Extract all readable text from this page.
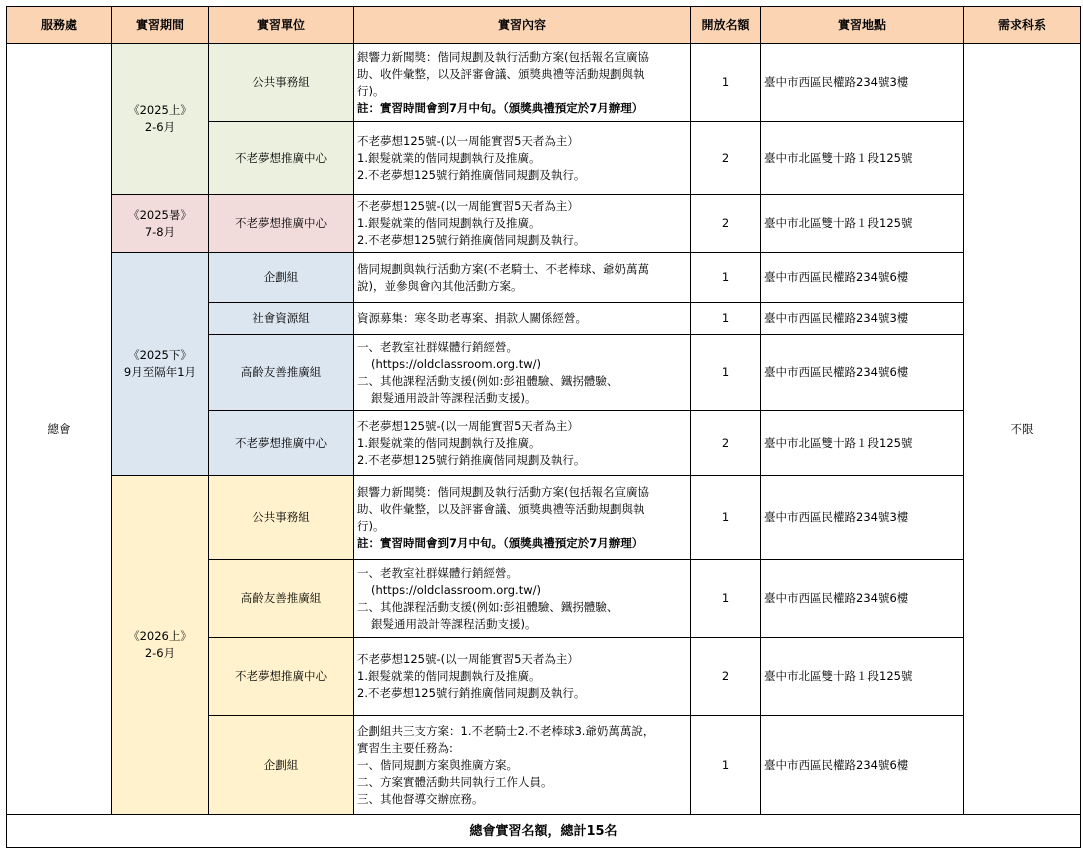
服務處	實習期間	實習單位	實習內容	開放名額	實習地點	需求科系
總會	《2025上》
2-6月	公共事務組	銀響力新聞獎：偕同規劃及執行活動方案(包括報名宣廣協
助、收件彙整，以及評審會議、頒獎典禮等活動規劃與執
行)。
註：實習時間會到7月中旬。（頒獎典禮預定於7月辦理）	1	臺中市西區民權路234號3樓	不限
		不老夢想推廣中心	不老夢想125號-(以一周能實習5天者為主）
1.銀髮就業的偕同規劃執行及推廣。
2.不老夢想125號行銷推廣偕同規劃及執行。	2	臺中市北區雙十路１段125號	

	《2025暑》
7-8月	不老夢想推廣中心	不老夢想125號-(以一周能實習5天者為主）
1.銀髮就業的偕同規劃執行及推廣。
2.不老夢想125號行銷推廣偕同規劃及執行。	2	臺中市北區雙十路１段125號	

	《2025下》
9月至隔年1月	企劃組	偕同規劃與執行活動方案(不老騎士、不老棒球、爺奶萬萬
說)，並參與會內其他活動方案。	1	臺中市西區民權路234號6樓	
		社會資源組	資源募集：寒冬助老專案、捐款人關係經營。	1	臺中市西區民權路234號3樓	
		高齡友善推廣組	一、老教室社群媒體行銷經營。
(https://oldclassroom.org.tw/)
二、其他課程活動支援(例如:彭祖體驗、鐵拐體驗、
銀髮通用設計等課程活動支援)。	1	臺中市西區民權路234號6樓	
		不老夢想推廣中心	不老夢想125號-(以一周能實習5天者為主）
1.銀髮就業的偕同規劃執行及推廣。
2.不老夢想125號行銷推廣偕同規劃及執行。	2	臺中市北區雙十路１段125號	

	《2026上》
2-6月	公共事務組	銀響力新聞獎：偕同規劃及執行活動方案(包括報名宣廣協
助、收件彙整，以及評審會議、頒獎典禮等活動規劃與執
行)。
註：實習時間會到7月中旬。（頒獎典禮預定於7月辦理）	1	臺中市西區民權路234號3樓	
		高齡友善推廣組	一、老教室社群媒體行銷經營。
(https://oldclassroom.org.tw/)
二、其他課程活動支援(例如:彭祖體驗、鐵拐體驗、
銀髮通用設計等課程活動支援)。	1	臺中市西區民權路234號6樓	
		不老夢想推廣中心	不老夢想125號-(以一周能實習5天者為主）
1.銀髮就業的偕同規劃執行及推廣。
2.不老夢想125號行銷推廣偕同規劃及執行。	2	臺中市北區雙十路１段125號	
		企劃組	企劃組共三支方案：1.不老騎士2.不老棒球3.爺奶萬萬說，
實習生主要任務為:
一、偕同規劃方案與推廣方案。
二、方案實體活動共同執行工作人員。
三、其他督導交辦庶務。	1	臺中市西區民權路234號6樓	
總會實習名額，總計15名						
